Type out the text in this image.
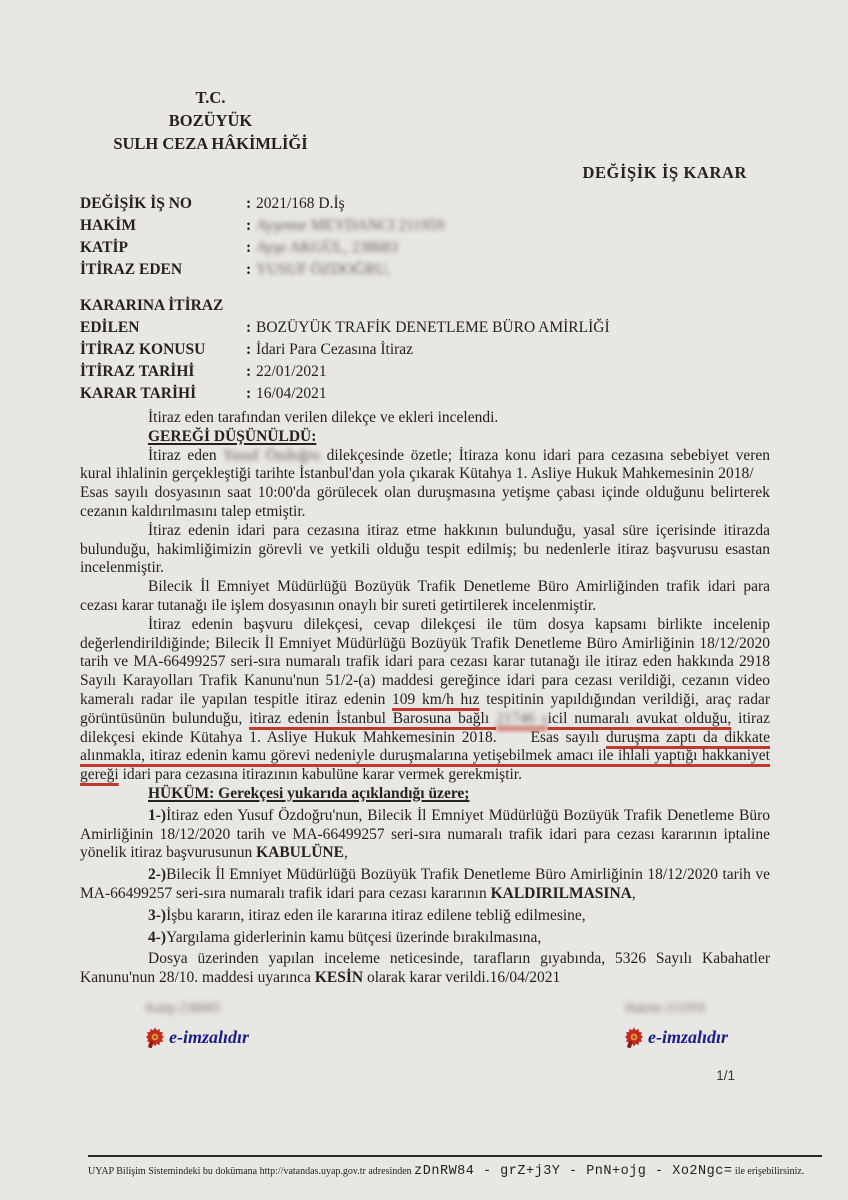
T.C.
BOZÜYÜK
SULH CEZA HÂKİMLİĞİ
DEĞİŞİK İŞ KARAR
DEĞİŞİK İŞ NO	: 2021/168 D.İş
HAKİM	: Ayşenur MEYDANCI 211959
KATİP	: Ayşe AKGÜL, 238683
İTİRAZ EDEN	: YUSUF ÖZDOĞRU,
KARARINA İTİRAZ
EDİLEN	: BOZÜYÜK TRAFİK DENETLEME BÜRO AMİRLİĞİ
İTİRAZ KONUSU	: İdari Para Cezasına İtiraz
İTİRAZ TARİHİ	: 22/01/2021
KARAR TARİHİ	: 16/04/2021

İtiraz eden tarafından verilen dilekçe ve ekleri incelendi.

GEREĞİ DÜŞÜNÜLDÜ:

İtiraz eden Yusuf Özdoğru dilekçesinde özetle; İtiraza konu idari para cezasına sebebiyet veren kural ihlalinin gerçekleştiği tarihte İstanbul'dan yola çıkarak Kütahya 1. Asliye Hukuk Mahkemesinin 2018/     Esas sayılı dosyasının saat 10:00'da görülecek olan duruşmasına yetişme çabası içinde olduğunu belirterek cezanın kaldırılmasını talep etmiştir.

İtiraz edenin idari para cezasına itiraz etme hakkının bulunduğu, yasal süre içerisinde itirazda bulunduğu, hakimliğimizin görevli ve yetkili olduğu tespit edilmiş; bu nedenlerle itiraz başvurusu esastan incelenmiştir.

Bilecik İl Emniyet Müdürlüğü Bozüyük Trafik Denetleme Büro Amirliğinden trafik idari para cezası karar tutanağı ile işlem dosyasının onaylı bir sureti getirtilerek incelenmiştir.

İtiraz edenin başvuru dilekçesi, cevap dilekçesi ile tüm dosya kapsamı birlikte incelenip değerlendirildiğinde; Bilecik İl Emniyet Müdürlüğü Bozüyük Trafik Denetleme Büro Amirliğinin 18/12/2020 tarih ve MA-66499257 seri-sıra numaralı trafik idari para cezası karar tutanağı ile itiraz eden hakkında 2918 Sayılı Karayolları Trafik Kanunu'nun 51/2-(a) maddesi gereğince idari para cezası verildiği, cezanın video kameralı radar ile yapılan tespitle itiraz edenin 109 km/h hız tespitinin yapıldığından verildiği, araç radar görüntüsünün bulunduğu, itiraz edenin İstanbul Barosuna bağlı 21746 sicil numaralı avukat olduğu, itiraz dilekçesi ekinde Kütahya 1. Asliye Hukuk Mahkemesinin 2018.     Esas sayılı duruşma zaptı da dikkate alınmakla, itiraz edenin kamu görevi nedeniyle duruşmalarına yetişebilmek amacı ile ihlali yaptığı hakkaniyet gereği idari para cezasına itirazının kabulüne karar vermek gerekmiştir.

HÜKÜM: Gerekçesi yukarıda açıklandığı üzere;

1-)İtiraz eden Yusuf Özdoğru'nun, Bilecik İl Emniyet Müdürlüğü Bozüyük Trafik Denetleme Büro Amirliğinin 18/12/2020 tarih ve MA-66499257 seri-sıra numaralı trafik idari para cezası kararının iptaline yönelik itiraz başvurusunun KABULÜNE,

2-)Bilecik İl Emniyet Müdürlüğü Bozüyük Trafik Denetleme Büro Amirliğinin 18/12/2020 tarih ve MA-66499257 seri-sıra numaralı trafik idari para cezası kararının KALDIRILMASINA,

3-)İşbu kararın, itiraz eden ile kararına itiraz edilene tebliğ edilmesine,

4-)Yargılama giderlerinin kamu bütçesi üzerinde bırakılmasına,

Dosya üzerinden yapılan inceleme neticesinde, tarafların gıyabında, 5326 Sayılı Kabahatler Kanunu'nun 28/10. maddesi uyarınca KESİN olarak karar verildi.16/04/2021

Katip 238683
e-imzalıdır
Hakim 211959
e-imzalıdır
1/1
UYAP Bilişim Sistemindeki bu dokümana http://vatandas.uyap.gov.tr adresinden zDnRW84 - grZ+j3Y - PnN+ojg - Xo2Ngc= ile erişebilirsiniz.
